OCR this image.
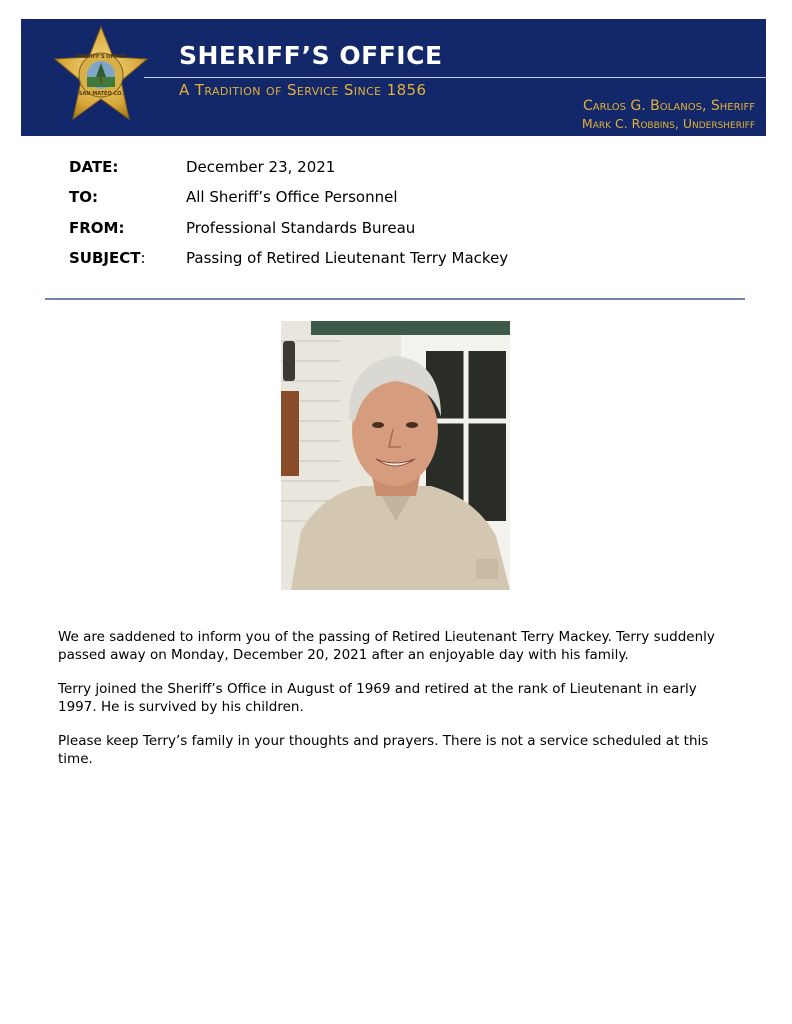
SHERIFF'S OFFICE
SAN MATEO CO.
SHERIFF’S OFFICE
A Tradition of Service Since 1856
Carlos G. Bolanos, Sheriff
Mark C. Robbins, Undersheriff
DATE:	December 23, 2021
TO:	All Sheriff’s Office Personnel
FROM:	Professional Standards Bureau
SUBJECT:	Passing of Retired Lieutenant Terry Mackey
We are saddened to inform you of the passing of Retired Lieutenant Terry Mackey. Terry suddenly passed away on Monday, December 20, 2021 after an enjoyable day with his family.
Terry joined the Sheriff’s Office in August of 1969 and retired at the rank of Lieutenant in early 1997. He is survived by his children.
Please keep Terry’s family in your thoughts and prayers. There is not a service scheduled at this time.
